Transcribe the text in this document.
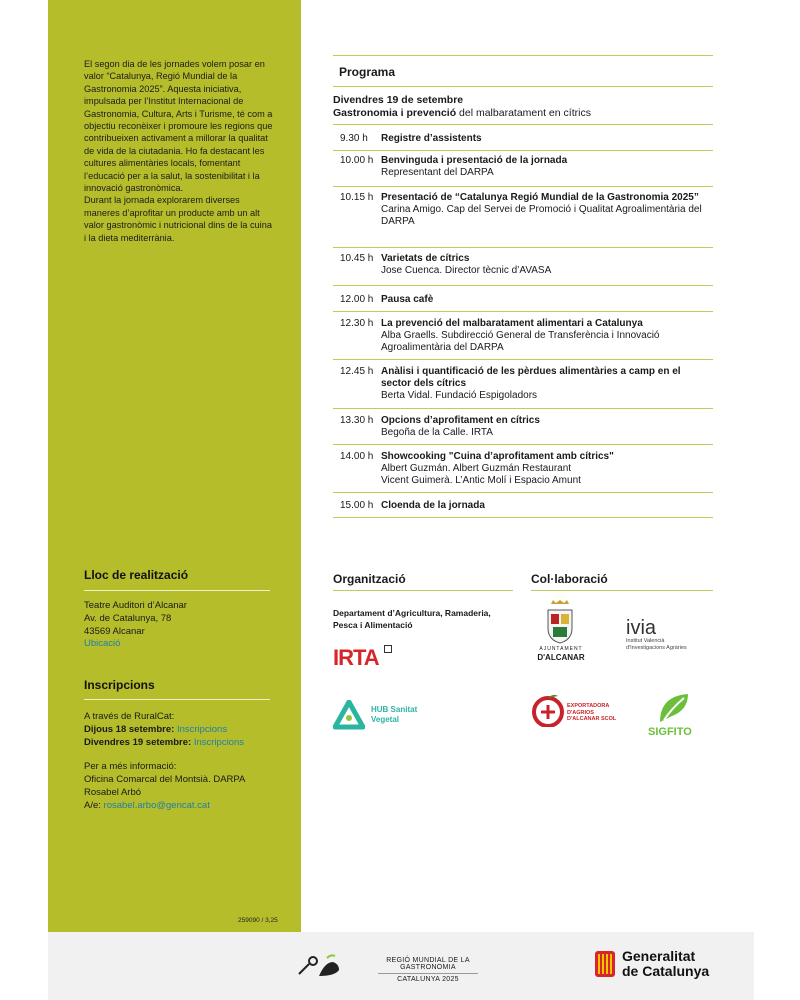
El segon dia de les jornades volem posar en valor “Catalunya, Regió Mundial de la Gastronomia 2025”. Aquesta iniciativa, impulsada per l’Institut Internacional de Gastronomia, Cultura, Arts i Turisme, té com a objectiu reconèixer i promoure les regions que contribueixen activament a millorar la qualitat de vida de la ciutadania. Ho fa destacant les cultures alimentàries locals, fomentant l’educació per a la salut, la sostenibilitat i la innovació gastronòmica.
Durant la jornada explorarem diverses maneres d’aprofitar un producte amb un alt valor gastronòmic i nutricional dins de la cuina i la dieta mediterrània.
Lloc de realització
Teatre Auditori d’Alcanar
Av. de Catalunya, 78
43569 Alcanar
Ubicació
Inscripcions
A través de RuralCat:
Dijous 18 setembre: Inscripcions
Divendres 19 setembre: Inscripcions
Per a més informació:
Oficina Comarcal del Montsià. DARPA
Rosabel Arbó
A/e: rosabel.arbo@gencat.cat
259090 / 3,25
Programa
Divendres 19 de setembre
Gastronomia i prevenció del malbaratament en cítrics
9.30 h Registre d’assistents
10.00 h Benvinguda i presentació de la jornada
Representant del DARPA
10.15 h Presentació de “Catalunya Regió Mundial de la Gastronomia 2025”
Carina Amigo. Cap del Servei de Promoció i Qualitat Agroalimentària del DARPA
10.45 h Varietats de cítrics
Jose Cuenca. Director tècnic d’AVASA
12.00 h Pausa cafè
12.30 h La prevenció del malbaratament alimentari a Catalunya
Alba Graells. Subdirecció General de Transferència i Innovació Agroalimentària del DARPA
12.45 h Anàlisi i quantificació de les pèrdues alimentàries a camp en el sector dels cítrics
Berta Vidal. Fundació Espigoladors
13.30 h Opcions d’aprofitament en cítrics
Begoña de la Calle. IRTA
14.00 h Showcooking "Cuina d’aprofitament amb cítrics"
Albert Guzmán. Albert Guzmán Restaurant
Vicent Guimerà. L’Antic Molí i Espacio Amunt
15.00 h Cloenda de la jornada
Organització
Departament d’Agricultura, Ramaderia, Pesca i Alimentació
IRTA
HUB Sanitat
Vegetal
Col·laboració
AJUNTAMENT
D'ALCANAR
ivia
Institut Valencià
d'Investigacions Agràries
EXPORTADORA
D'AGRIOS
D'ALCANAR SCOL
SIGFITO
REGIÓ MUNDIAL DE LA GASTRONOMIA
CATALUNYA 2025
Generalitat
de Catalunya
